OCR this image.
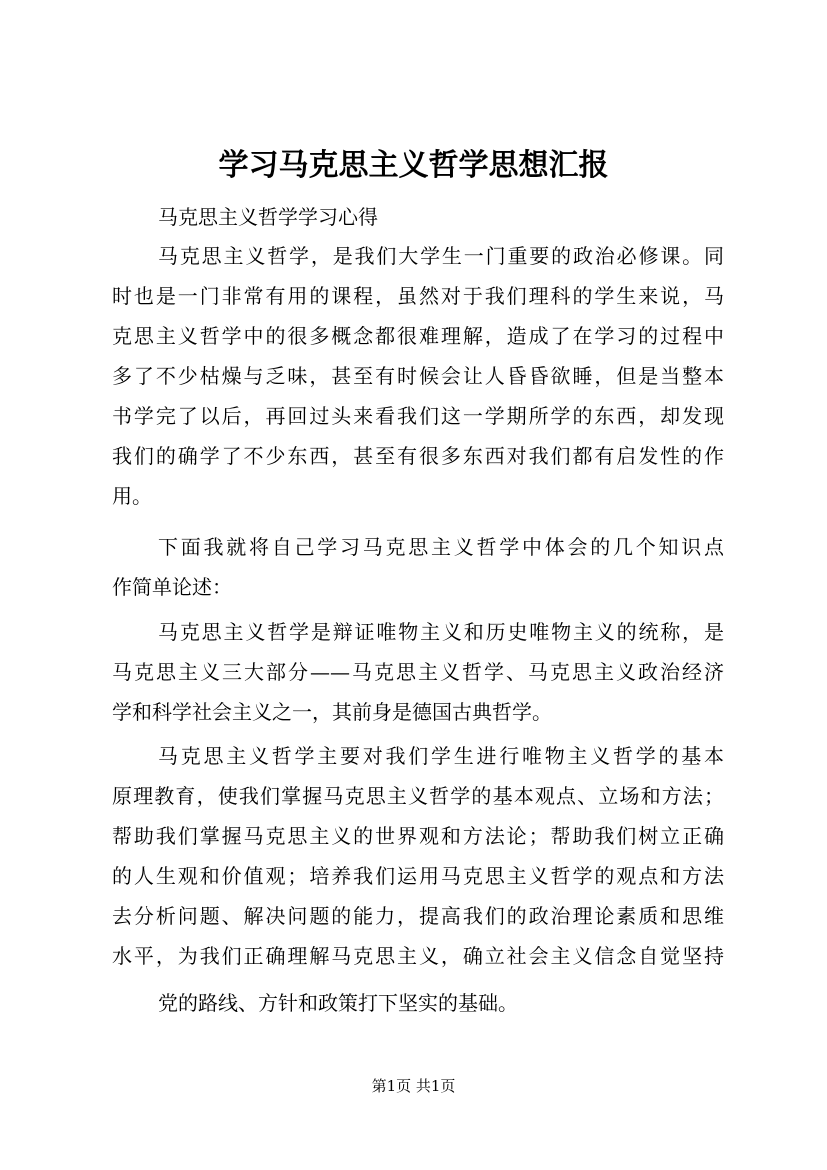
学习马克思主义哲学思想汇报
马克思主义哲学学习心得
马克思主义哲学，是我们大学生一门重要的政治必修课。同
时也是一门非常有用的课程，虽然对于我们理科的学生来说，马
克思主义哲学中的很多概念都很难理解，造成了在学习的过程中
多了不少枯燥与乏味，甚至有时候会让人昏昏欲睡，但是当整本
书学完了以后，再回过头来看我们这一学期所学的东西，却发现
我们的确学了不少东西，甚至有很多东西对我们都有启发性的作
用。
下面我就将自己学习马克思主义哲学中体会的几个知识点
作简单论述：
马克思主义哲学是辩证唯物主义和历史唯物主义的统称，是
马克思主义三大部分——马克思主义哲学、马克思主义政治经济
学和科学社会主义之一，其前身是德国古典哲学。
马克思主义哲学主要对我们学生进行唯物主义哲学的基本
原理教育，使我们掌握马克思主义哲学的基本观点、立场和方法；
帮助我们掌握马克思主义的世界观和方法论；帮助我们树立正确
的人生观和价值观；培养我们运用马克思主义哲学的观点和方法
去分析问题、解决问题的能力，提高我们的政治理论素质和思维
水平，为我们正确理解马克思主义，确立社会主义信念自觉坚持
党的路线、方针和政策打下坚实的基础。
第1页 共1页
